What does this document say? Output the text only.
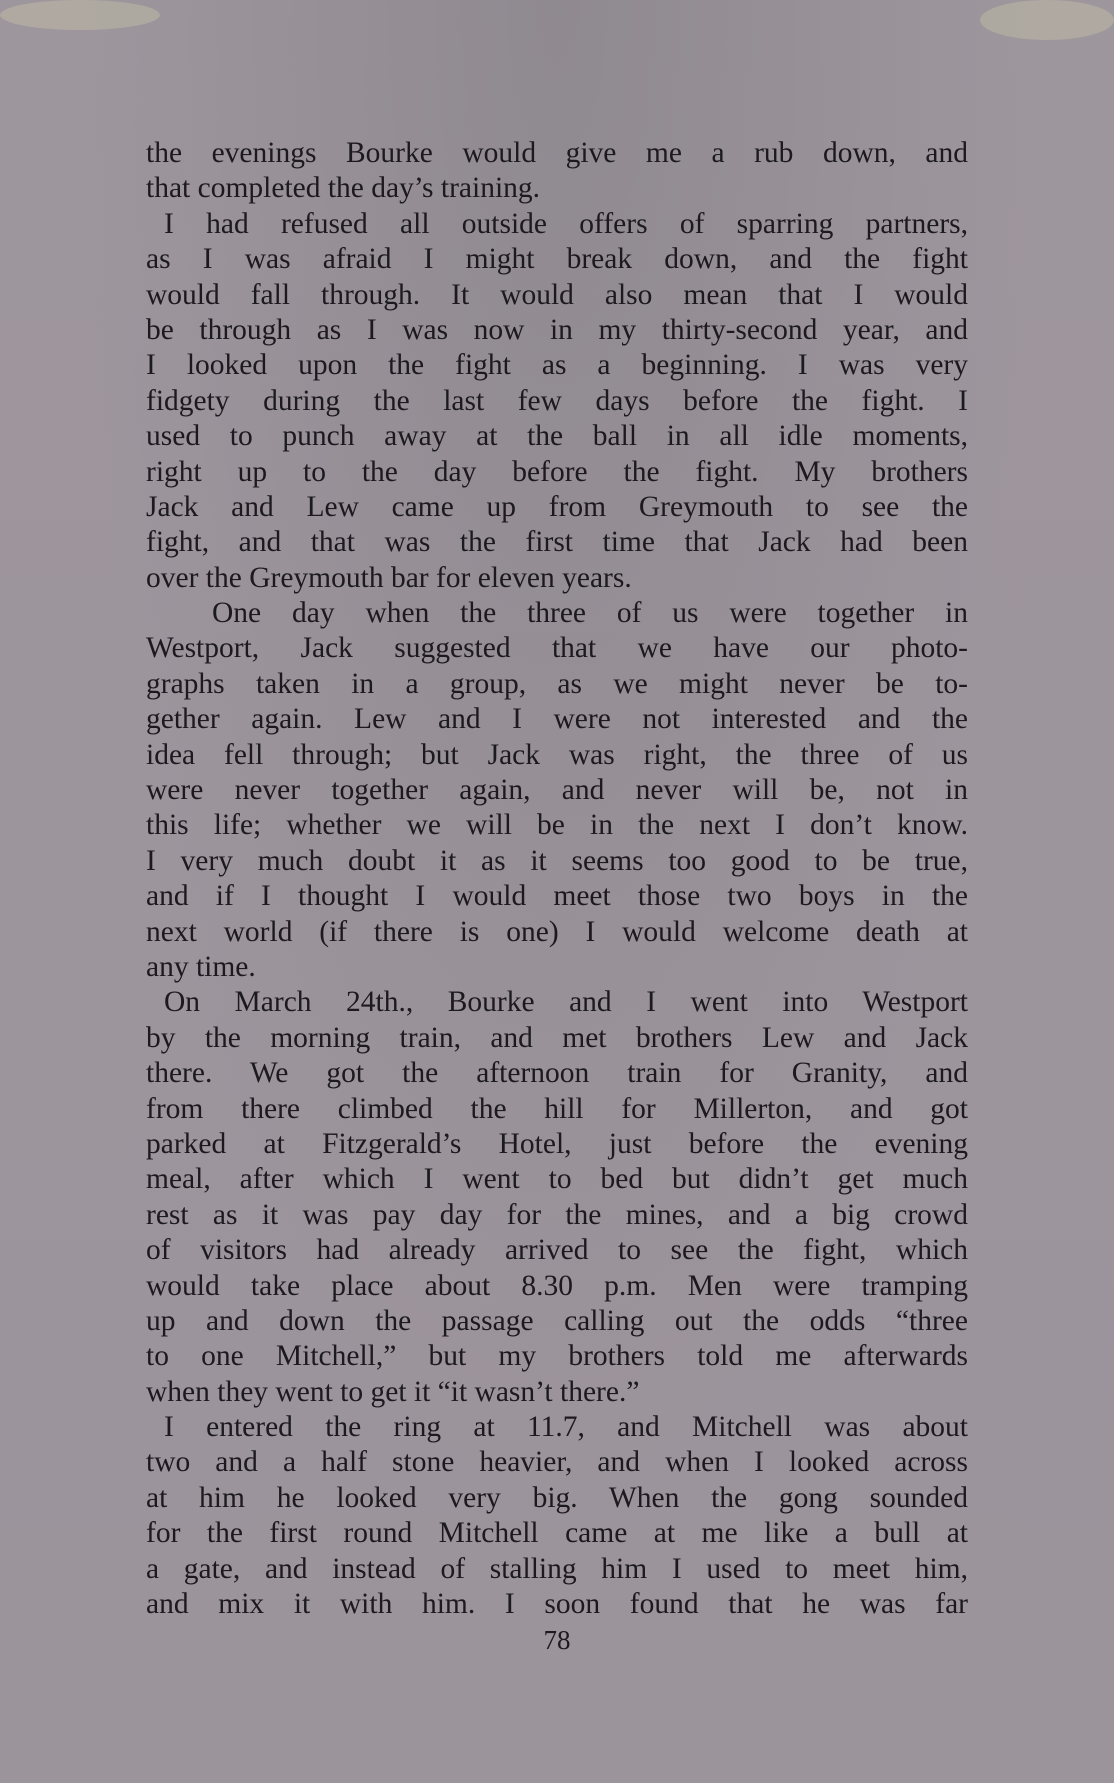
the evenings Bourke would give me a rub down, and
that completed the day’s training.
I had refused all outside offers of sparring partners,
as I was afraid I might break down, and the fight
would fall through. It would also mean that I would
be through as I was now in my thirty-second year, and
I looked upon the fight as a beginning. I was very
fidgety during the last few days before the fight. I
used to punch away at the ball in all idle moments,
right up to the day before the fight. My brothers
Jack and Lew came up from Greymouth to see the
fight, and that was the first time that Jack had been
over the Greymouth bar for eleven years.
One day when the three of us were together in
Westport, Jack suggested that we have our photo-
graphs taken in a group, as we might never be to-
gether again. Lew and I were not interested and the
idea fell through; but Jack was right, the three of us
were never together again, and never will be, not in
this life; whether we will be in the next I don’t know.
I very much doubt it as it seems too good to be true,
and if I thought I would meet those two boys in the
next world (if there is one) I would welcome death at
any time.
On March 24th., Bourke and I went into Westport
by the morning train, and met brothers Lew and Jack
there. We got the afternoon train for Granity, and
from there climbed the hill for Millerton, and got
parked at Fitzgerald’s Hotel, just before the evening
meal, after which I went to bed but didn’t get much
rest as it was pay day for the mines, and a big crowd
of visitors had already arrived to see the fight, which
would take place about 8.30 p.m. Men were tramping
up and down the passage calling out the odds “three
to one Mitchell,” but my brothers told me afterwards
when they went to get it “it wasn’t there.”
I entered the ring at 11.7, and Mitchell was about
two and a half stone heavier, and when I looked across
at him he looked very big. When the gong sounded
for the first round Mitchell came at me like a bull at
a gate, and instead of stalling him I used to meet him,
and mix it with him. I soon found that he was far
78
